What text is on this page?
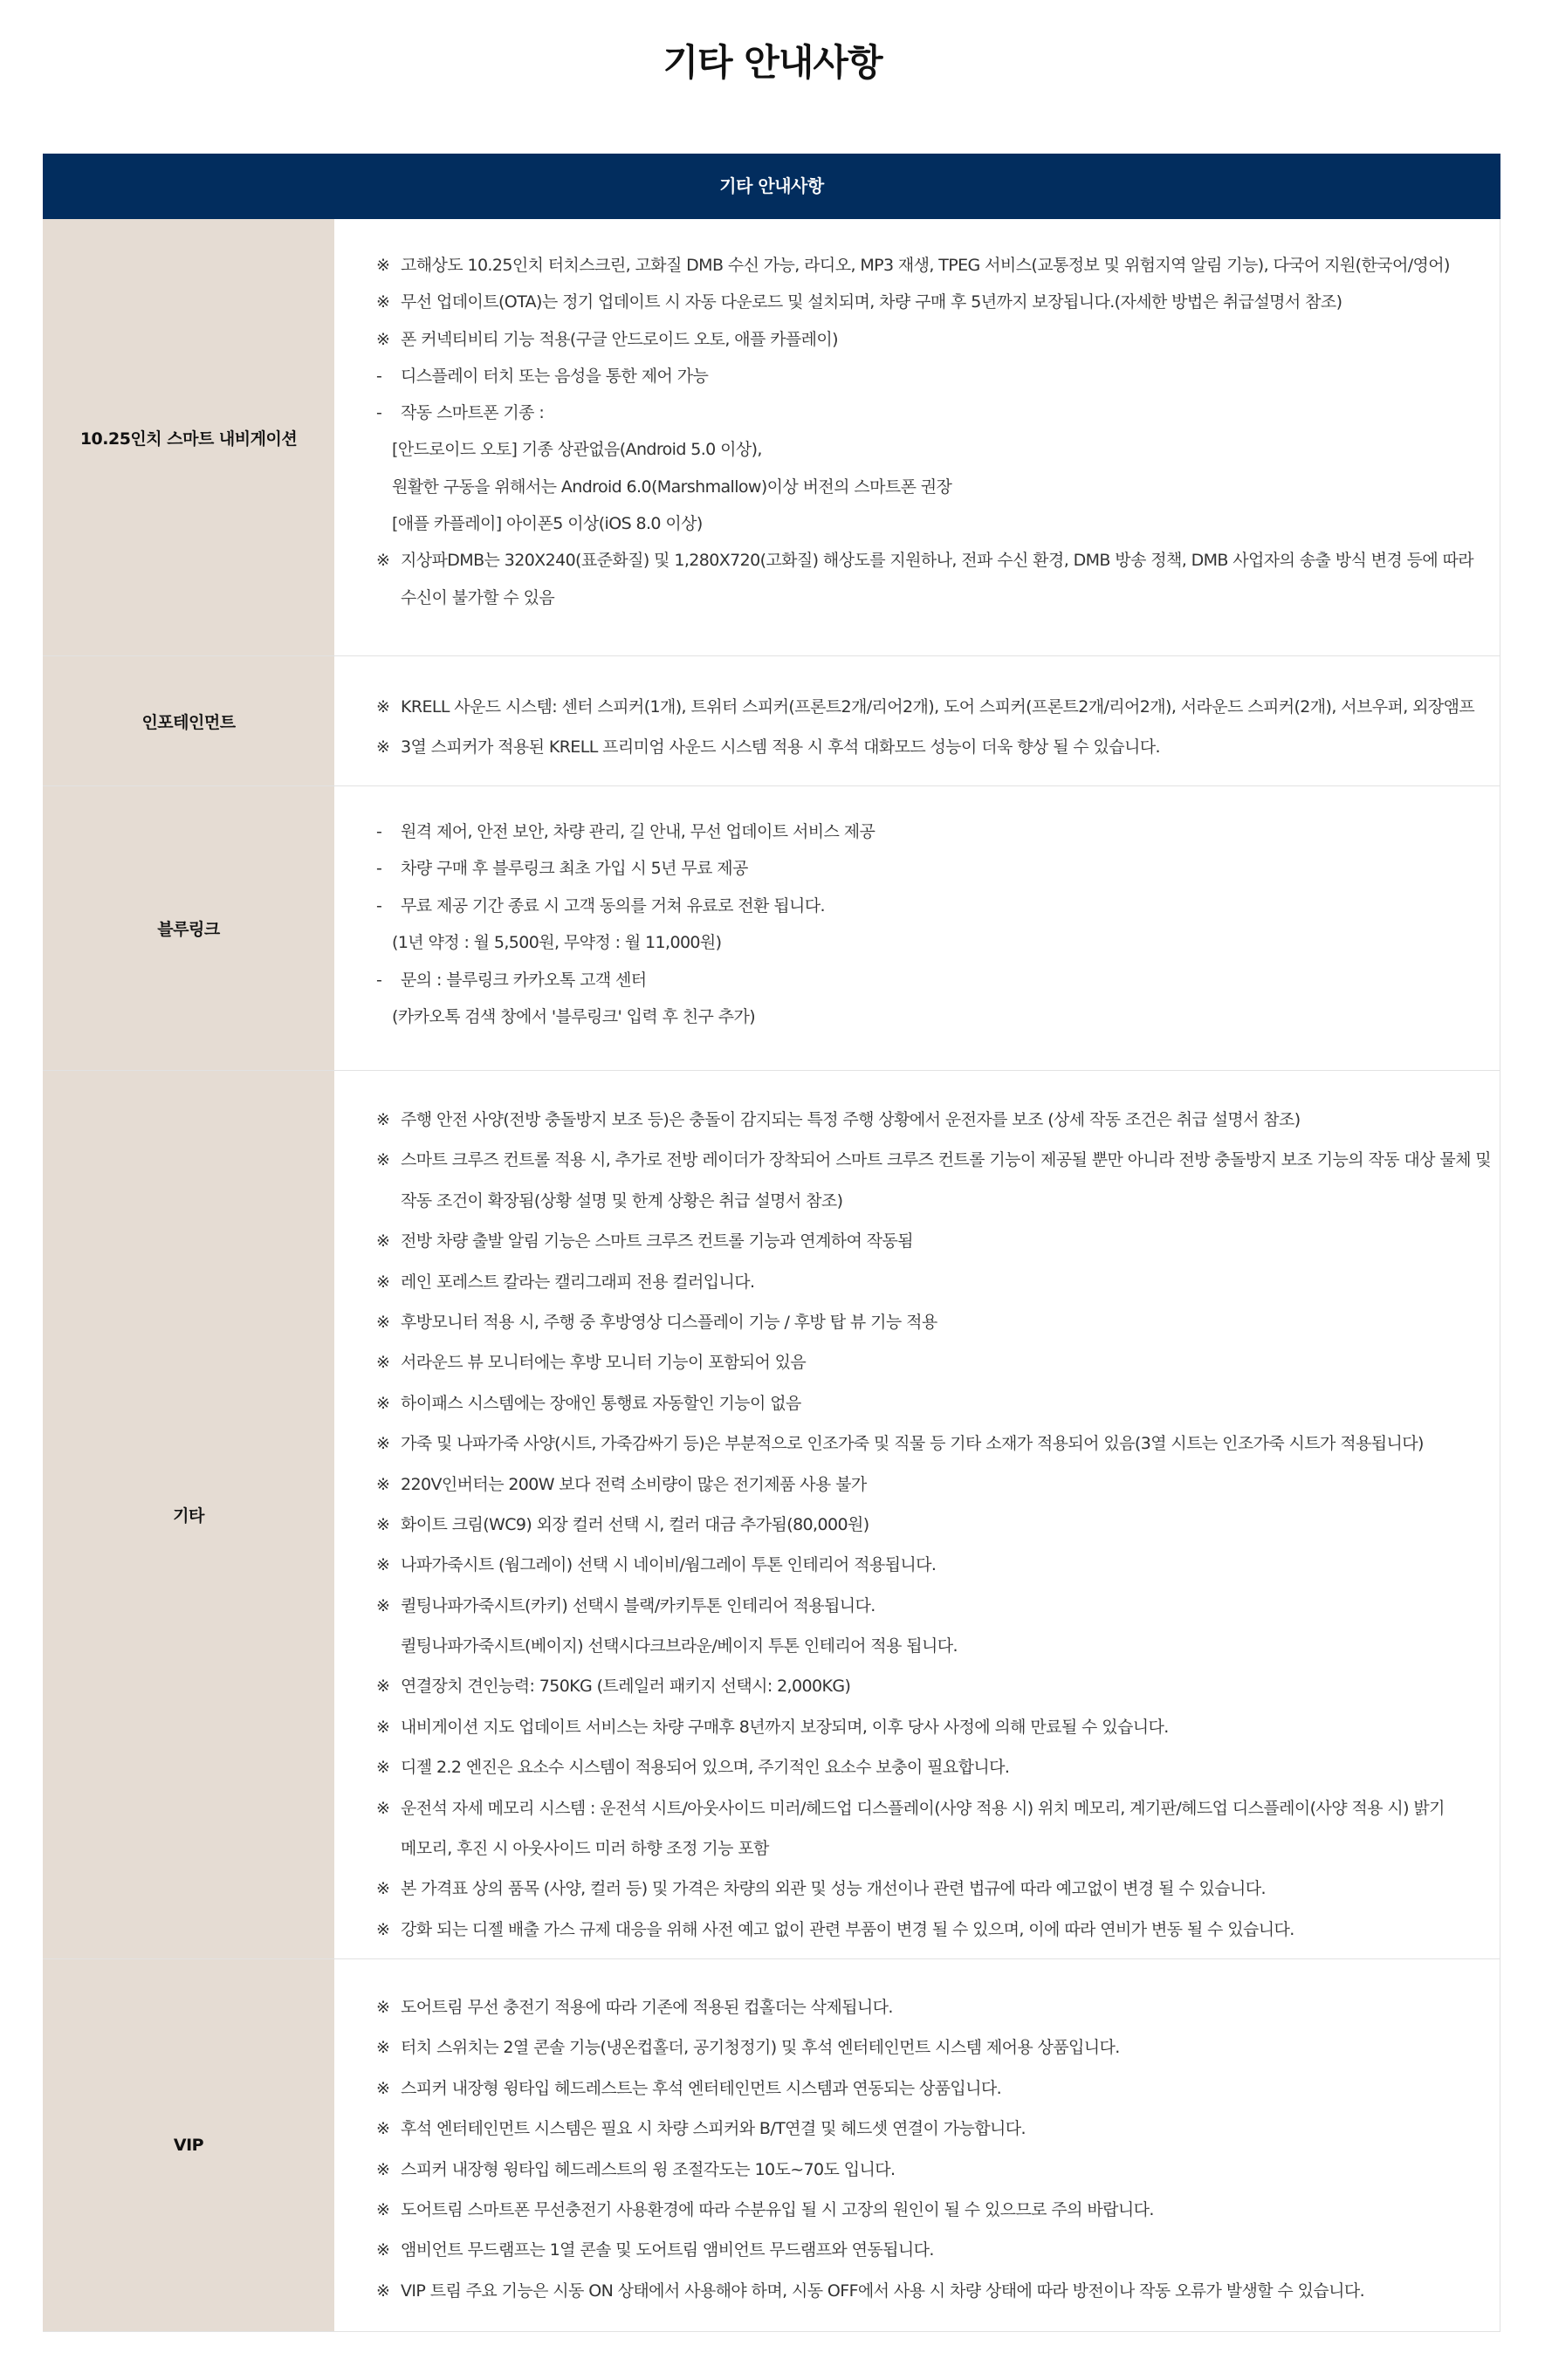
기타 안내사항
기타 안내사항
10.25인치 스마트 내비게이션
※ 고해상도 10.25인치 터치스크린, 고화질 DMB 수신 가능, 라디오, MP3 재생, TPEG 서비스(교통정보 및 위험지역 알림 기능), 다국어 지원(한국어/영어)
※ 무선 업데이트(OTA)는 정기 업데이트 시 자동 다운로드 및 설치되며, 차량 구매 후 5년까지 보장됩니다.(자세한 방법은 취급설명서 참조)
※ 폰 커넥티비티 기능 적용(구글 안드로이드 오토, 애플 카플레이)
- 디스플레이 터치 또는 음성을 통한 제어 가능
- 작동 스마트폰 기종 :
[안드로이드 오토] 기종 상관없음(Android 5.0 이상),
원활한 구동을 위해서는 Android 6.0(Marshmallow)이상 버전의 스마트폰 권장
[애플 카플레이] 아이폰5 이상(iOS 8.0 이상)
※ 지상파DMB는 320X240(표준화질) 및 1,280X720(고화질) 해상도를 지원하나, 전파 수신 환경, DMB 방송 정책, DMB 사업자의 송출 방식 변경 등에 따라
수신이 불가할 수 있음
인포테인먼트
※ KRELL 사운드 시스템: 센터 스피커(1개), 트위터 스피커(프론트2개/리어2개), 도어 스피커(프론트2개/리어2개), 서라운드 스피커(2개), 서브우퍼, 외장앰프
※ 3열 스피커가 적용된 KRELL 프리미엄 사운드 시스템 적용 시 후석 대화모드 성능이 더욱 향상 될 수 있습니다.
블루링크
- 원격 제어, 안전 보안, 차량 관리, 길 안내, 무선 업데이트 서비스 제공
- 차량 구매 후 블루링크 최초 가입 시 5년 무료 제공
- 무료 제공 기간 종료 시 고객 동의를 거쳐 유료로 전환 됩니다.
(1년 약정 : 월 5,500원, 무약정 : 월 11,000원)
- 문의 : 블루링크 카카오톡 고객 센터
(카카오톡 검색 창에서 '블루링크' 입력 후 친구 추가)
기타
※ 주행 안전 사양(전방 충돌방지 보조 등)은 충돌이 감지되는 특정 주행 상황에서 운전자를 보조 (상세 작동 조건은 취급 설명서 참조)
※ 스마트 크루즈 컨트롤 적용 시, 추가로 전방 레이더가 장착되어 스마트 크루즈 컨트롤 기능이 제공될 뿐만 아니라 전방 충돌방지 보조 기능의 작동 대상 물체 및
작동 조건이 확장됨(상황 설명 및 한계 상황은 취급 설명서 참조)
※ 전방 차량 출발 알림 기능은 스마트 크루즈 컨트롤 기능과 연계하여 작동됨
※ 레인 포레스트 칼라는 캘리그래피 전용 컬러입니다.
※ 후방모니터 적용 시, 주행 중 후방영상 디스플레이 기능 / 후방 탑 뷰 기능 적용
※ 서라운드 뷰 모니터에는 후방 모니터 기능이 포함되어 있음
※ 하이패스 시스템에는 장애인 통행료 자동할인 기능이 없음
※ 가죽 및 나파가죽 사양(시트, 가죽감싸기 등)은 부분적으로 인조가죽 및 직물 등 기타 소재가 적용되어 있음(3열 시트는 인조가죽 시트가 적용됩니다)
※ 220V인버터는 200W 보다 전력 소비량이 많은 전기제품 사용 불가
※ 화이트 크림(WC9) 외장 컬러 선택 시, 컬러 대금 추가됨(80,000원)
※ 나파가죽시트 (웜그레이) 선택 시 네이비/웜그레이 투톤 인테리어 적용됩니다.
※ 퀼팅나파가죽시트(카키) 선택시 블랙/카키투톤 인테리어 적용됩니다.
퀼팅나파가죽시트(베이지) 선택시다크브라운/베이지 투톤 인테리어 적용 됩니다.
※ 연결장치 견인능력: 750KG (트레일러 패키지 선택시: 2,000KG)
※ 내비게이션 지도 업데이트 서비스는 차량 구매후 8년까지 보장되며, 이후 당사 사정에 의해 만료될 수 있습니다.
※ 디젤 2.2 엔진은 요소수 시스템이 적용되어 있으며, 주기적인 요소수 보충이 필요합니다.
※ 운전석 자세 메모리 시스템 : 운전석 시트/아웃사이드 미러/헤드업 디스플레이(사양 적용 시) 위치 메모리, 계기판/헤드업 디스플레이(사양 적용 시) 밝기
메모리, 후진 시 아웃사이드 미러 하향 조정 기능 포함
※ 본 가격표 상의 품목 (사양, 컬러 등) 및 가격은 차량의 외관 및 성능 개선이나 관련 법규에 따라 예고없이 변경 될 수 있습니다.
※ 강화 되는 디젤 배출 가스 규제 대응을 위해 사전 예고 없이 관련 부품이 변경 될 수 있으며, 이에 따라 연비가 변동 될 수 있습니다.
VIP
※ 도어트림 무선 충전기 적용에 따라 기존에 적용된 컵홀더는 삭제됩니다.
※ 터치 스위치는 2열 콘솔 기능(냉온컵홀더, 공기청정기) 및 후석 엔터테인먼트 시스템 제어용 상품입니다.
※ 스피커 내장형 윙타입 헤드레스트는 후석 엔터테인먼트 시스템과 연동되는 상품입니다.
※ 후석 엔터테인먼트 시스템은 필요 시 차량 스피커와 B/T연결 및 헤드셋 연결이 가능합니다.
※ 스피커 내장형 윙타입 헤드레스트의 윙 조절각도는 10도~70도 입니다.
※ 도어트림 스마트폰 무선충전기 사용환경에 따라 수분유입 될 시 고장의 원인이 될 수 있으므로 주의 바랍니다.
※ 앰비언트 무드램프는 1열 콘솔 및 도어트림 앰비언트 무드램프와 연동됩니다.
※ VIP 트림 주요 기능은 시동 ON 상태에서 사용해야 하며, 시동 OFF에서 사용 시 차량 상태에 따라 방전이나 작동 오류가 발생할 수 있습니다.
